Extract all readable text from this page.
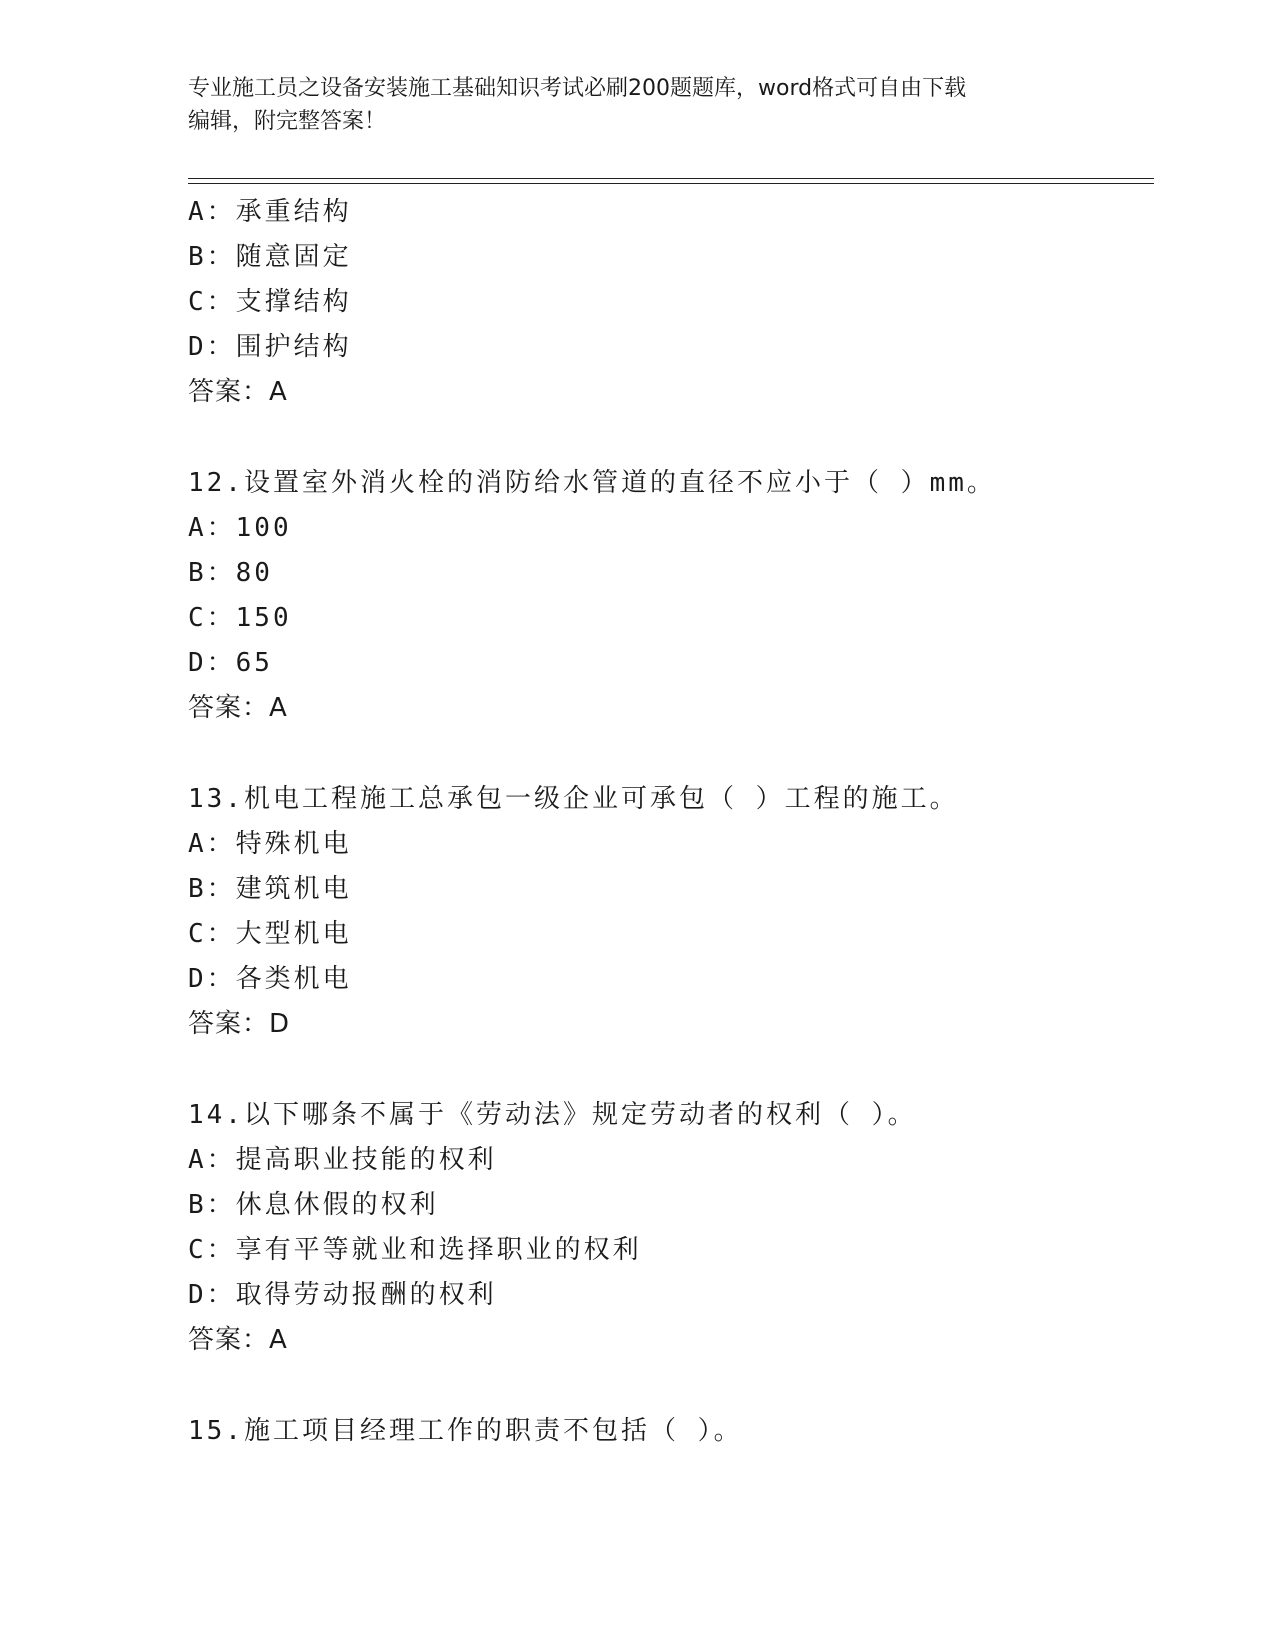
专业施工员之设备安装施工基础知识考试必刷200题题库，word格式可自由下载
编辑，附完整答案！
A：承重结构
B：随意固定
C：支撑结构
D：围护结构
答案：A
12.设置室外消火栓的消防给水管道的直径不应小于（ ）mm。
A：100
B：80
C：150
D：65
答案：A
13.机电工程施工总承包一级企业可承包（ ）工程的施工。
A：特殊机电
B：建筑机电
C：大型机电
D：各类机电
答案：D
14.以下哪条不属于《劳动法》规定劳动者的权利（ ）。
A：提高职业技能的权利
B：休息休假的权利
C：享有平等就业和选择职业的权利
D：取得劳动报酬的权利
答案：A
15.施工项目经理工作的职责不包括（ ）。
